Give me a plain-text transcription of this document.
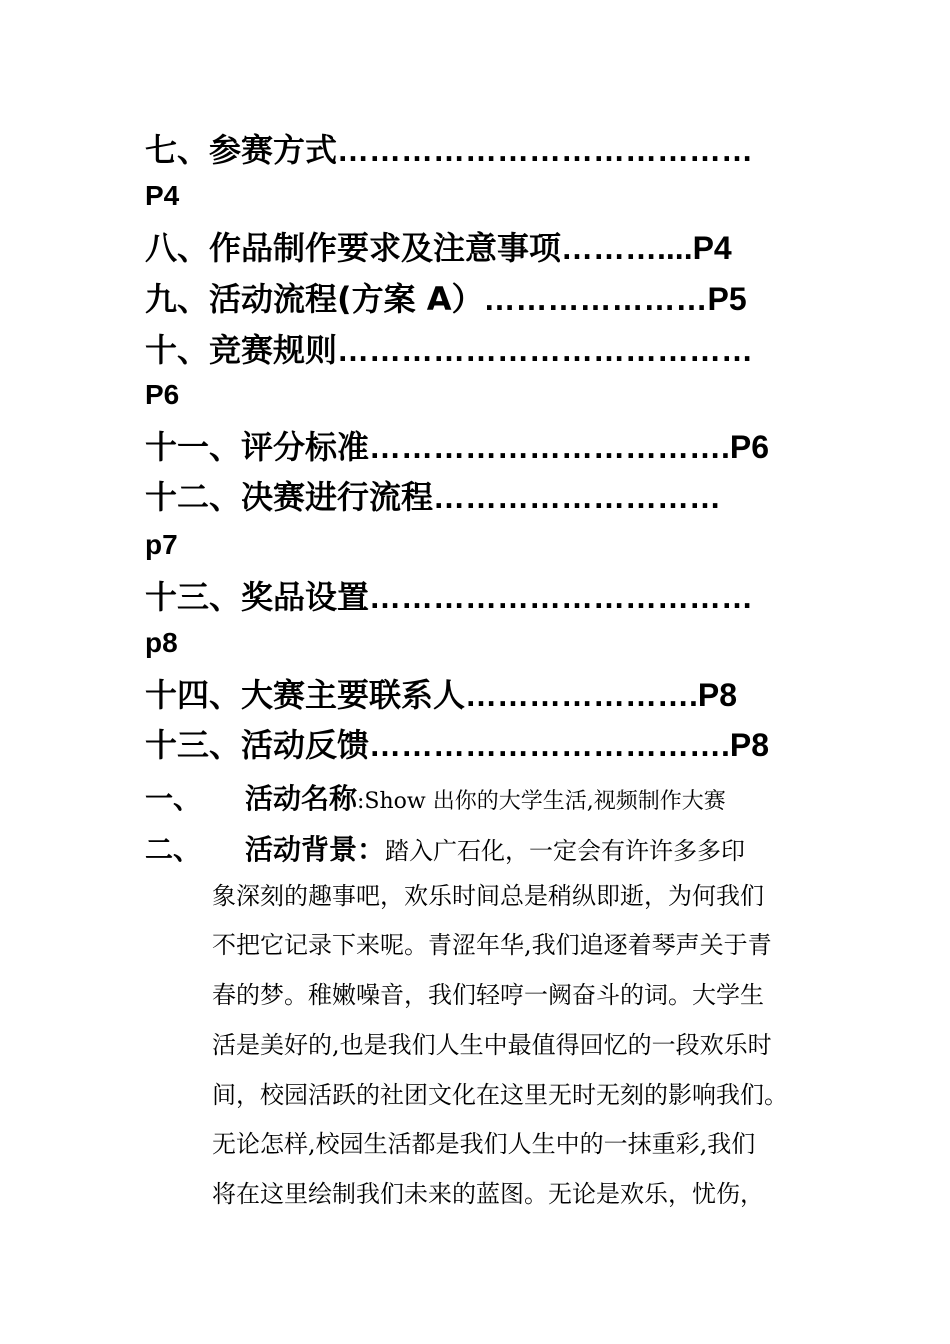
七、参赛方式…………………………………
P4
八、作品制作要求及注意事项………....P4
九、活动流程(方案 A）…………………P5
十、竞赛规则…………………………………
P6
十一、评分标准…………………………….P6
十二、决赛进行流程………………………
p7
十三、奖品设置………………………………
p8
十四、大赛主要联系人………………….P8
十三、活动反馈…………………………….P8
一、 活动名称:Show 出你的大学生活,视频制作大赛
二、 活动背景：踏入广石化，一定会有许许多多印
象深刻的趣事吧，欢乐时间总是稍纵即逝，为何我们
不把它记录下来呢。青涩年华,我们追逐着琴声关于青
春的梦。稚嫩噪音，我们轻哼一阙奋斗的词。大学生
活是美好的,也是我们人生中最值得回忆的一段欢乐时
间，校园活跃的社团文化在这里无时无刻的影响我们。
无论怎样,校园生活都是我们人生中的一抹重彩,我们
将在这里绘制我们未来的蓝图。无论是欢乐，忧伤，
